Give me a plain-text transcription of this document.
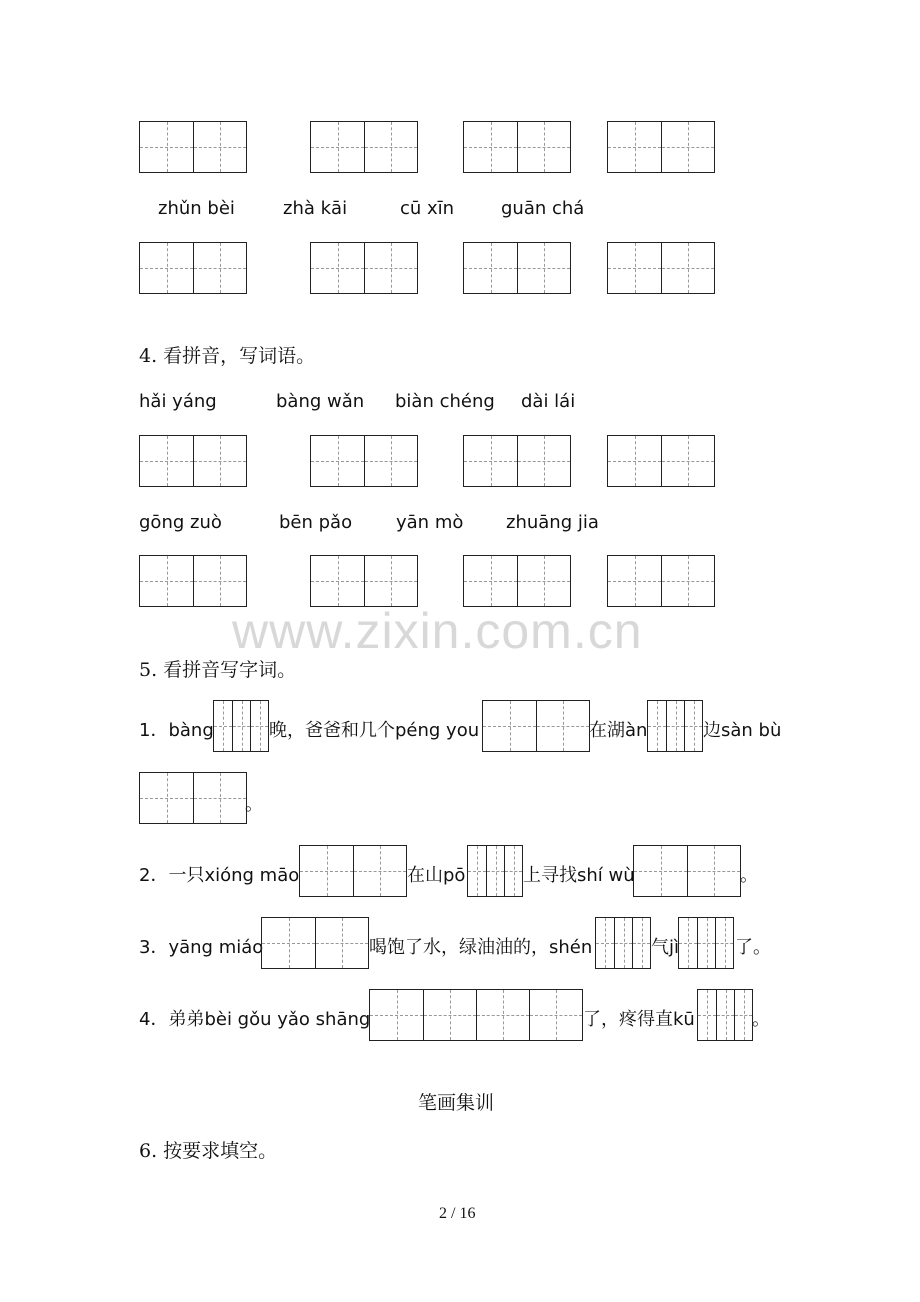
zhǔn bèi	zhà kāi	cū xīn	guān chá
4. 看拼音，写词语。
hǎi yáng	bàng wǎn biàn chéng dài lái
gōng zuò	bēn pǎo yān mò zhuāng jia
www.zixin.com.cn
5. 看拼音写字词。
1．bàng	晚，爸爸和几个péng you	在湖àn	边sàn bù
。
2．一只xióng māo	在山pō	上寻找shí wù	。
3．yāng miáo	喝饱了水，绿油油的，shén	气jì	了。
4．弟弟bèi gǒu yǎo shāng	了，疼得直kū	。
笔画集训
6. 按要求填空。
2 / 16
